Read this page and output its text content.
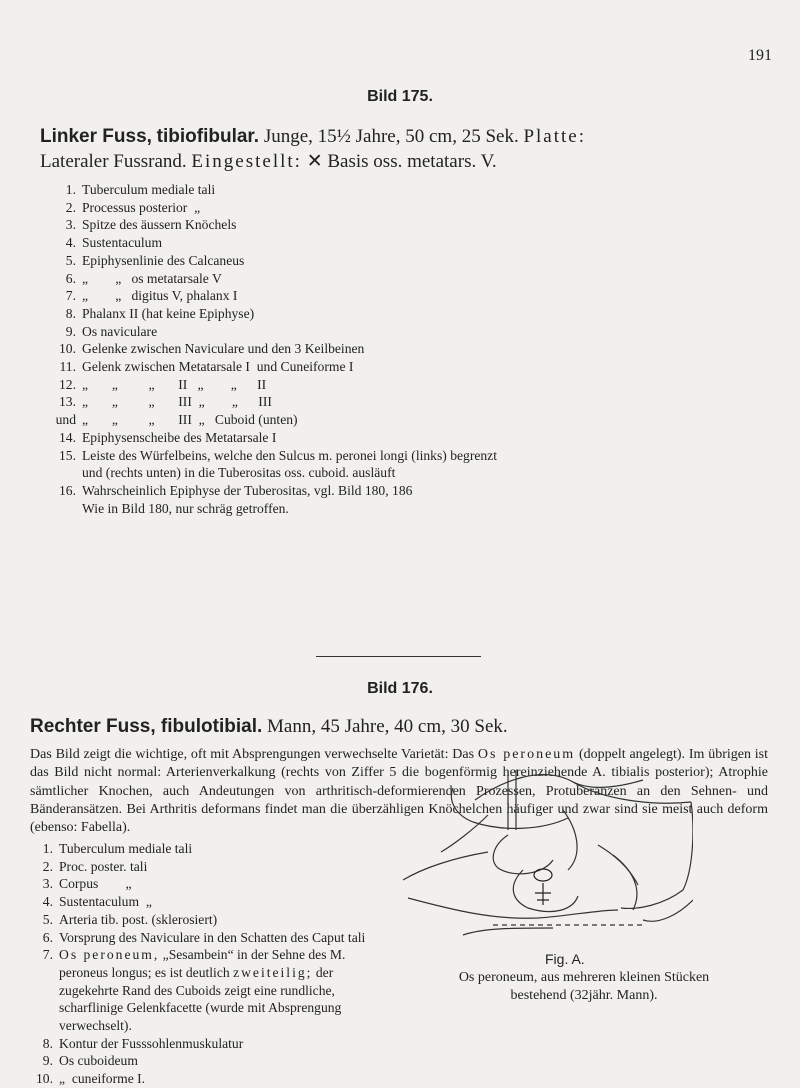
191
Bild 175.
Linker Fuss, tibiofibular. Junge, 15½ Jahre, 50 cm, 25 Sek. Platte:
Lateraler Fussrand. Eingestellt: ✕ Basis oss. metatars. V.
1. Tuberculum mediale tali
2. Processus posterior  „
3. Spitze des äussern Knöchels
4. Sustentaculum
5. Epiphysenlinie des Calcaneus
6. „        „   os metatarsale V
7. „        „   digitus V, phalanx I
8. Phalanx II (hat keine Epiphyse)
9. Os naviculare
10. Gelenke zwischen Naviculare und den 3 Keilbeinen
11. Gelenk zwischen Metatarsale I  und Cuneiforme I
12. „       „         „       II   „        „      II
13. „       „         „       III  „        „      III
und „       „         „       III  „   Cuboid (unten)
14. Epiphysenscheibe des Metatarsale I
15. Leiste des Würfelbeins, welche den Sulcus m. peronei longi (links) begrenzt
und (rechts unten) in die Tuberositas oss. cuboid. ausläuft
16. Wahrscheinlich Epiphyse der Tuberositas, vgl. Bild 180, 186
Wie in Bild 180, nur schräg getroffen.
Bild 176.
Rechter Fuss, fibulotibial. Mann, 45 Jahre, 40 cm, 30 Sek.
Das Bild zeigt die wichtige, oft mit Absprengungen verwechselte Varietät: Das Os peroneum (doppelt angelegt). Im übrigen ist das Bild nicht normal: Arterienverkalkung (rechts von Ziffer 5 die bogenförmig hereinziehende A. tibialis posterior); Atrophie sämtlicher Knochen, auch Andeutungen von arthritisch-deformierenden Prozessen, Protuberanzen an den Sehnen- und Bänderansätzen. Bei Arthritis deformans findet man die überzähligen Knöchelchen häufiger und zwar sind sie meist auch deform (ebenso: Fabella).
1. Tuberculum mediale tali
2. Proc. poster. tali
3. Corpus        „
4. Sustentaculum  „
5. Arteria tib. post. (sklerosiert)
6. Vorsprung des Naviculare in den Schatten des Caput tali
7. Os peroneum, „Sesambein“ in der Sehne des M. peroneus longus; es ist deutlich zweiteilig; der zugekehrte Rand des Cuboids zeigt eine rundliche, scharflinige Gelenkfacette (wurde mit Absprengung verwechselt).
8. Kontur der Fusssohlenmuskulatur
9. Os cuboideum
10. „  cuneiforme I.
Fig. A.
Os peroneum, aus mehreren kleinen Stücken
bestehend (32jähr. Mann).
